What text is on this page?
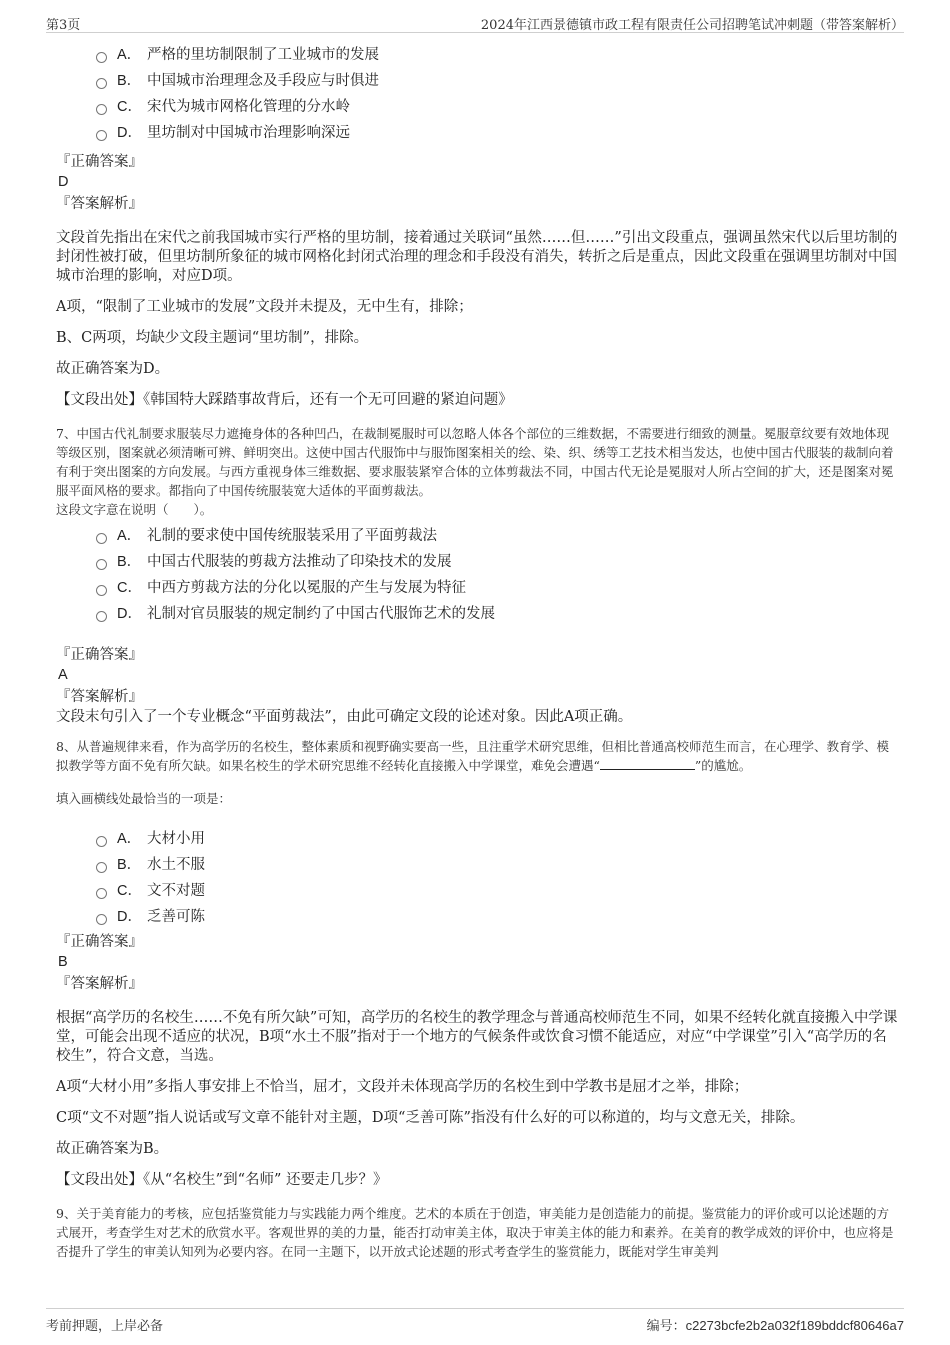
第3页	2024年江西景德镇市政工程有限责任公司招聘笔试冲刺题（带答案解析）
A． 严格的里坊制限制了工业城市的发展
B． 中国城市治理理念及手段应与时俱进
C． 宋代为城市网格化管理的分水岭
D． 里坊制对中国城市治理影响深远
『正确答案』
D
『答案解析』
文段首先指出在宋代之前我国城市实行严格的里坊制，接着通过关联词“虽然……但……”引出文段重点，强调虽然宋代以后里坊制的封闭性被打破，但里坊制所象征的城市网格化封闭式治理的理念和手段没有消失，转折之后是重点，因此文段重在强调里坊制对中国城市治理的影响，对应D项。
A项，“限制了工业城市的发展”文段并未提及，无中生有，排除；
B、C两项，均缺少文段主题词“里坊制”，排除。
故正确答案为D。
【文段出处】《韩国特大踩踏事故背后，还有一个无可回避的紧迫问题》
7、中国古代礼制要求服装尽力遮掩身体的各种凹凸，在裁制冕服时可以忽略人体各个部位的三维数据，不需要进行细致的测量。冕服章纹要有效地体现等级区别，图案就必须清晰可辨、鲜明突出。这使中国古代服饰中与服饰图案相关的绘、染、织、绣等工艺技术相当发达，也使中国古代服装的裁制向着有利于突出图案的方向发展。与西方重视身体三维数据、要求服装紧窄合体的立体剪裁法不同，中国古代无论是冕服对人所占空间的扩大，还是图案对冕服平面风格的要求。都指向了中国传统服装宽大适体的平面剪裁法。
这段文字意在说明（　　）。
A． 礼制的要求使中国传统服装采用了平面剪裁法
B． 中国古代服装的剪裁方法推动了印染技术的发展
C． 中西方剪裁方法的分化以冕服的产生与发展为特征
D． 礼制对官员服装的规定制约了中国古代服饰艺术的发展
『正确答案』
A
『答案解析』
文段末句引入了一个专业概念“平面剪裁法”，由此可确定文段的论述对象。因此A项正确。
8、从普遍规律来看，作为高学历的名校生，整体素质和视野确实要高一些，且注重学术研究思维，但相比普通高校师范生而言，在心理学、教育学、模拟教学等方面不免有所欠缺。如果名校生的学术研究思维不经转化直接搬入中学课堂，难免会遭遇“	”的尴尬。
填入画横线处最恰当的一项是：
A． 大材小用
B． 水土不服
C． 文不对题
D． 乏善可陈
『正确答案』
B
『答案解析』
根据“高学历的名校生……不免有所欠缺”可知，高学历的名校生的教学理念与普通高校师范生不同，如果不经转化就直接搬入中学课堂，可能会出现不适应的状况，B项“水土不服”指对于一个地方的气候条件或饮食习惯不能适应，对应“中学课堂”引入“高学历的名校生”，符合文意，当选。
A项“大材小用”多指人事安排上不恰当，屈才，文段并未体现高学历的名校生到中学教书是屈才之举，排除；
C项“文不对题”指人说话或写文章不能针对主题，D项“乏善可陈”指没有什么好的可以称道的，均与文意无关，排除。
故正确答案为B。
【文段出处】《从“名校生”到“名师” 还要走几步？》
9、关于美育能力的考核，应包括鉴赏能力与实践能力两个维度。艺术的本质在于创造，审美能力是创造能力的前提。鉴赏能力的评价或可以论述题的方式展开，考查学生对艺术的欣赏水平。客观世界的美的力量，能否打动审美主体，取决于审美主体的能力和素养。在美育的教学成效的评价中，也应将是否提升了学生的审美认知列为必要内容。在同一主题下，以开放式论述题的形式考查学生的鉴赏能力，既能对学生审美判
考前押题，上岸必备	编号：c2273bcfe2b2a032f189bddcf80646a7
